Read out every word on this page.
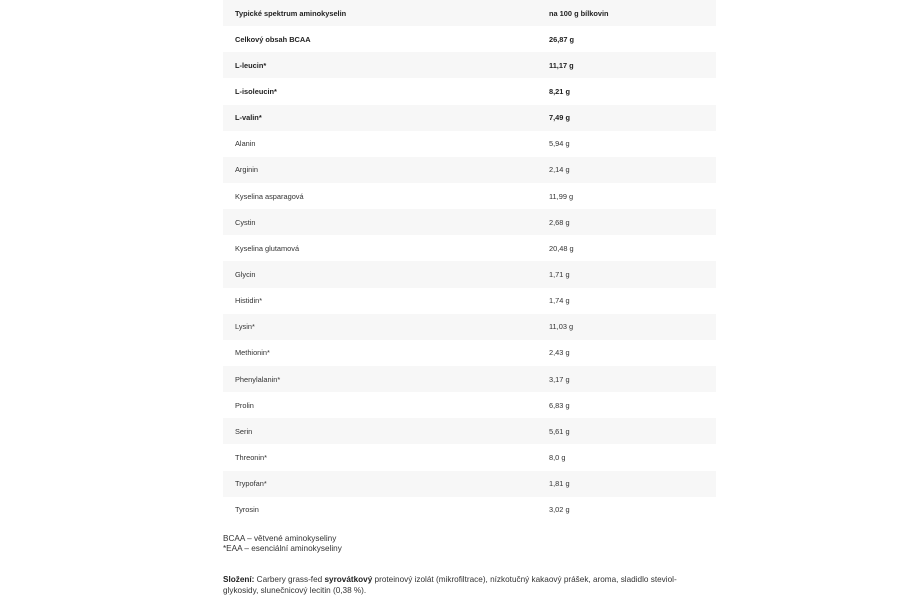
Typické spektrum aminokyselin	na 100 g bílkovin
Celkový obsah BCAA	26,87 g
L-leucin*	11,17 g
L-isoleucin*	8,21 g
L-valin*	7,49 g
Alanin	5,94 g
Arginin	2,14 g
Kyselina asparagová	11,99 g
Cystin	2,68 g
Kyselina glutamová	20,48 g
Glycin	1,71 g
Histidin*	1,74 g
Lysin*	11,03 g
Methionin*	2,43 g
Phenylalanin*	3,17 g
Prolin	6,83 g
Serin	5,61 g
Threonin*	8,0 g
Trypofan*	1,81 g
Tyrosin	3,02 g
BCAA – větvené aminokyseliny
*EAA – esenciální aminokyseliny
Složení: Carbery grass-fed syrovátkový proteinový izolát (mikrofiltrace), nízkotučný kakaový prášek, aroma, sladidlo steviol-glykosidy, slunečnicový lecitin (0,38 %).
